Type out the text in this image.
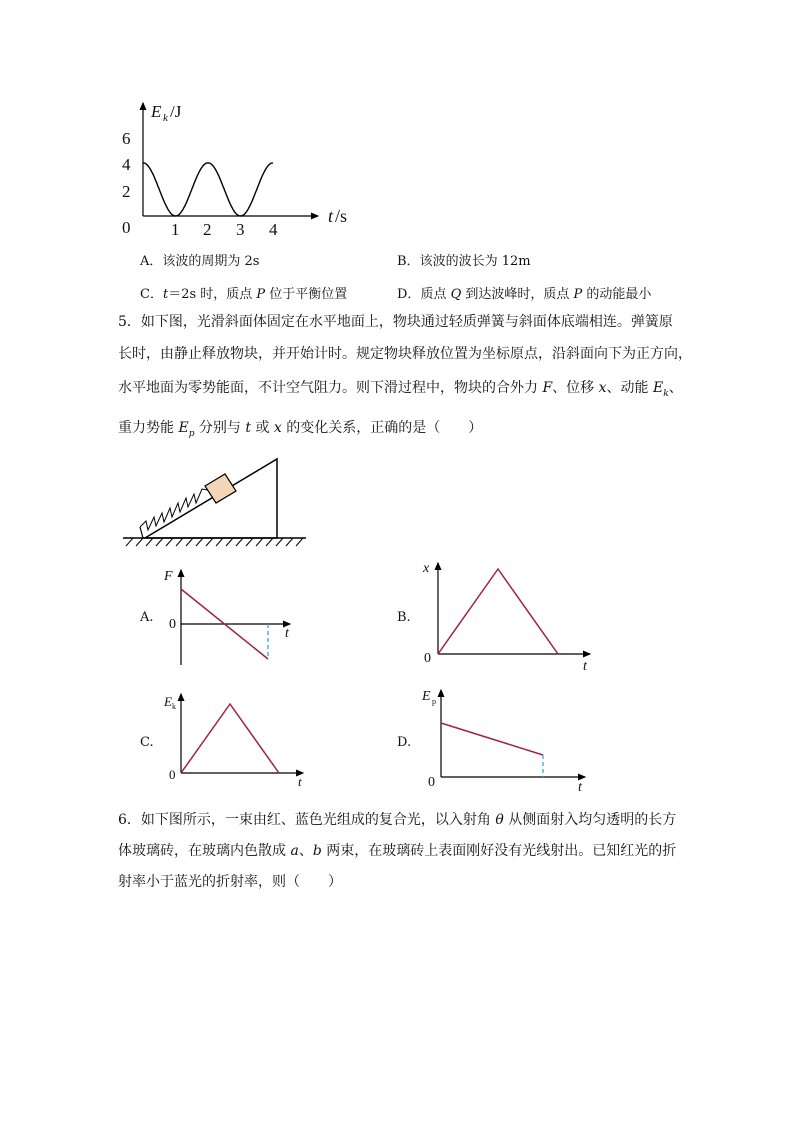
E k /J
6
4
2
0 1 2 3 4
t /s
A．该波的周期为 2s	B．该波的波长为 12m
C．t＝2s 时，质点 P 位于平衡位置	D．质点 Q 到达波峰时，质点 P 的动能最小
5．如下图，光滑斜面体固定在水平地面上，物块通过轻质弹簧与斜面体底端相连。弹簧原
长时，由静止释放物块，并开始计时。规定物块释放位置为坐标原点，沿斜面向下为正方向，
水平地面为零势能面，不计空气阻力。则下滑过程中，物块的合外力 F、位移 x、动能 $E_k$、
重力势能 $E_p$ 分别与 t 或 x 的变化关系，正确的是（　　）
A.
F
0
t
B.
x
0
t
C.
E k
0	t
D.
E p
0	t
6．如下图所示，一束由红、蓝色光组成的复合光，以入射角 θ 从侧面射入均匀透明的长方
体玻璃砖，在玻璃内色散成 a、b 两束，在玻璃砖上表面刚好没有光线射出。已知红光的折
射率小于蓝光的折射率，则（　　）
